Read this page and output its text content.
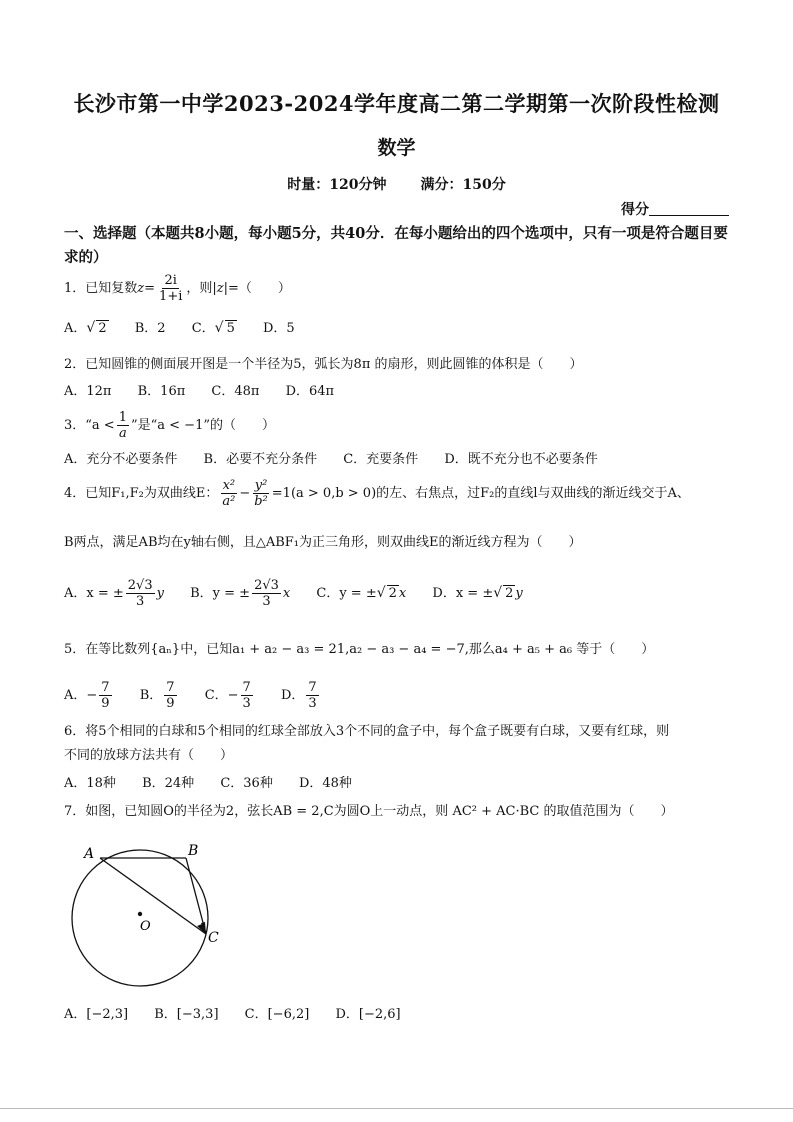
长沙市第一中学2023-2024学年度高二第二学期第一次阶段性检测
数学
时量：120分钟 满分：150分
得分
一、选择题（本题共8小题，每小题5分，共40分．在每小题给出的四个选项中，只有一项是符合题目要求的）
1．已知复数$z= \frac{2i}{1+i}$ ，则|z|=（　　）
A．√ 2 B．2 C．√ 5 D．5
2．已知圆锥的侧面展开图是一个半径为5，弧长为8π 的扇形，则此圆锥的体积是（　　）
A．12π B．16π C．48π D．64π
3．“$a < \frac{1}{a}$ ”是“a < −1”的（　　）
A．充分不必要条件 B．必要不充分条件 C．充要条件 D．既不充分也不必要条件
4．已知F₁,F₂为双曲线E： $\frac{\text{x²}}{\text{a²}} - \frac{\text{y²}}{\text{b²}} =1(a > 0,b > 0)$的左、右焦点，过F₂的直线l与双曲线的渐近线交于A、
B两点，满足AB均在y轴右侧，且△ABF₁为正三角形，则双曲线E的渐近线方程为（　　）
A．x = ± $\frac{2√3}{3}$ y B．y = ± $\frac{2√3}{3}$ x C．y = ±√ 2 x D．x = ±√ 2 y
5．在等比数列{aₙ}中，已知a₁ + a₂ − a₃ = 21,a₂ − a₃ − a₄ = −7,那么a₄ + a₅ + a₆ 等于（　　）
A．− $\frac{7}{9}$ B． $\frac{7}{9}$ C．− $\frac{7}{3}$ D． $\frac{7}{3}$
6．将5个相同的白球和5个相同的红球全部放入3个不同的盒子中，每个盒子既要有白球，又要有红球，则
不同的放球方法共有（　　）
A．18种 B．24种 C．36种 D．48种
7．如图，已知圆O的半径为2，弦长AB = 2,C为圆O上一动点，则 AC² + AC·BC 的取值范围为（　　）
A	B
C
O
A．[−2,3] B．[−3,3] C．[−6,2] D．[−2,6]
